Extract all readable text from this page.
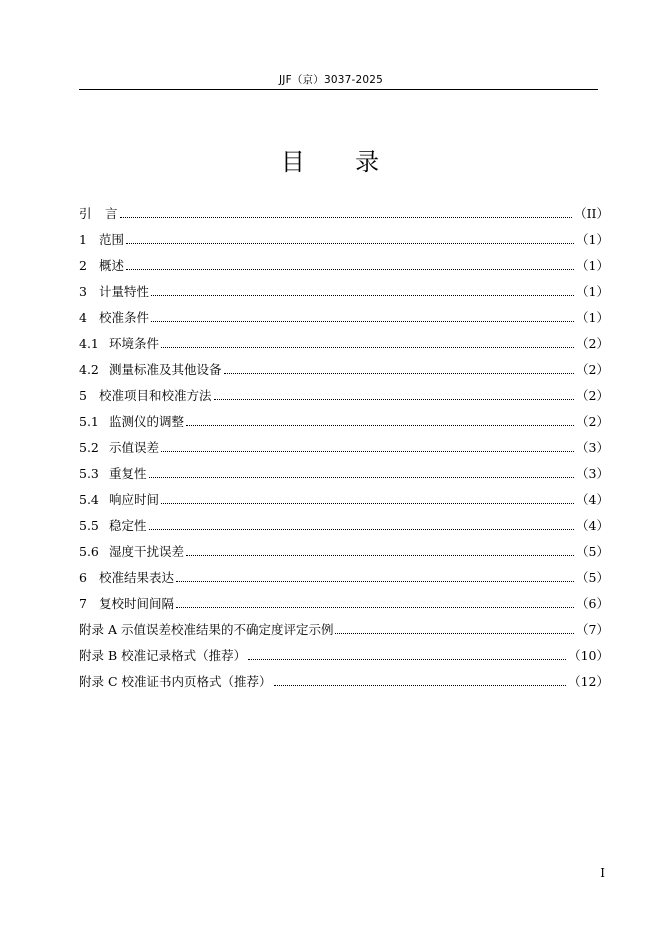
JJF（京）3037-2025
目     录
引	言	（II）
1 范围	（1）
2 概述	（1）
3 计量特性	（1）
4 校准条件	（1）
4.1 环境条件	（2）
4.2 测量标准及其他设备	（2）
5 校准项目和校准方法	（2）
5.1 监测仪的调整	（2）
5.2 示值误差	（3）
5.3 重复性	（3）
5.4 响应时间	（4）
5.5 稳定性	（4）
5.6 湿度干扰误差	（5）
6 校准结果表达	（5）
7 复校时间间隔	（6）
附录 A 示值误差校准结果的不确定度评定示例	（7）
附录 B 校准记录格式（推荐）	（10）
附录 C 校准证书内页格式（推荐）	（12）
I
